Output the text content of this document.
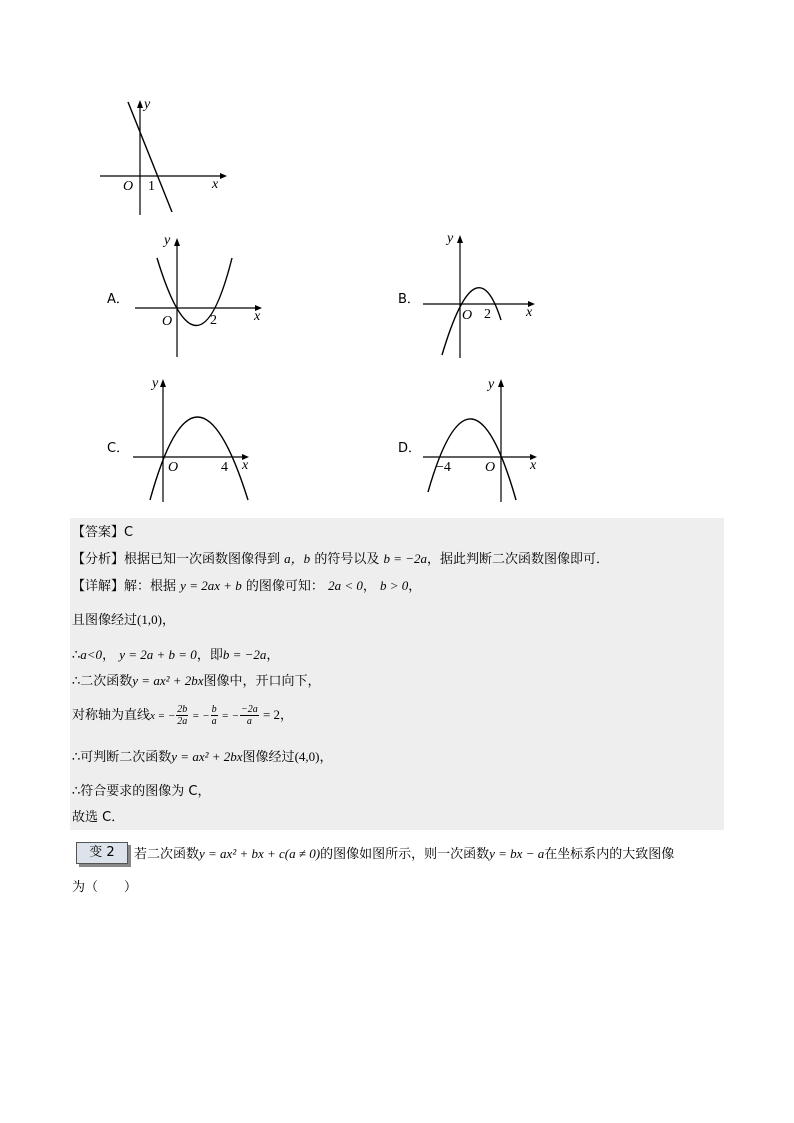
y
x
O 1
A．
y
x
O	2
B．
y
x
O 2
C．
y
x
O	4
D．
y
x
O
−4
【答案】C
【分析】根据已知一次函数图像得到 a，b 的符号以及 b = −2a，据此判断二次函数图像即可．
【详解】解：根据 y = 2ax + b 的图像可知： 2a < 0， b > 0，
且图像经过(1,0)，
∴a<0， y = 2a + b = 0，即b = −2a，
∴二次函数y = ax² + 2bx图像中，开口向下，
对称轴为直线x = − $\frac{2b}{2a}$ = − $\frac{b}{a}$ = − $\frac{-2a}{a} = 2$，
∴可判断二次函数y = ax² + 2bx图像经过(4,0)，
∴符合要求的图像为 C，
故选 C．
变 2	若二次函数y = ax² + bx + c(a ≠ 0)的图像如图所示，则一次函数y = bx − a在坐标系内的大致图像
为（　　）
